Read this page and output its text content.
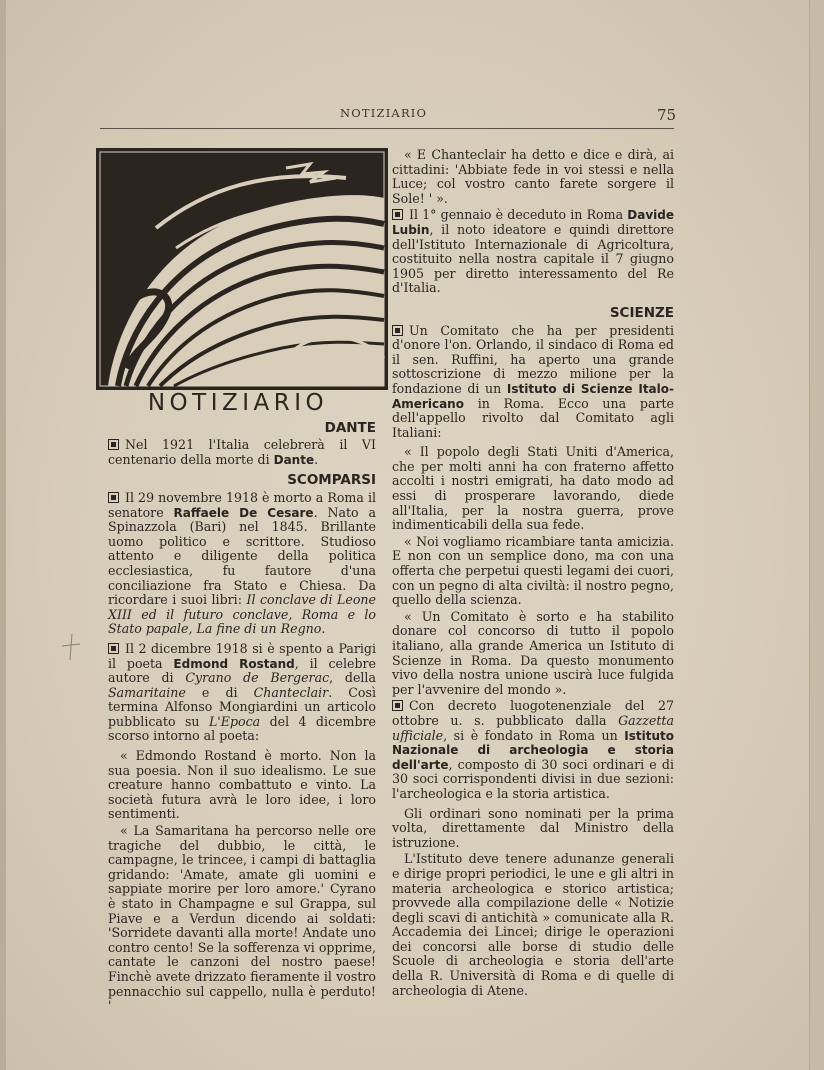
NOTIZIARIO	75
NOTIZIARIO
DANTE

Nel 1921 l'Italia celebrerà il VI centenario della morte di Dante.

SCOMPARSI

Il 29 novembre 1918 è morto a Roma il senatore Raffaele De Cesare. Nato a Spinazzola (Bari) nel 1845. Brillante uomo politico e scrittore. Studioso attento e diligente della politica ecclesiastica, fu fautore d'una conciliazione fra Stato e Chiesa. Da ricordare i suoi libri: Il conclave di Leone XIII ed il futuro conclave, Roma e lo Stato papale, La fine di un Regno.

Il 2 dicembre 1918 si è spento a Parigi il poeta Edmond Rostand, il celebre autore di Cyrano de Bergerac, della Samaritaine e di Chanteclair. Così termina Alfonso Mongiardini un articolo pubblicato su L'Epoca del 4 dicembre scorso intorno al poeta:

« Edmondo Rostand è morto. Non la sua poesia. Non il suo idealismo. Le sue creature hanno combattuto e vinto. La società futura avrà le loro idee, i loro sentimenti.

« La Samaritana ha percorso nelle ore tragiche del dubbio, le città, le campagne, le trincee, i campi di battaglia gridando: 'Amate, amate gli uomini e sappiate morire per loro amore.' Cyrano è stato in Champagne e sul Grappa, sul Piave e a Verdun dicendo ai soldati: 'Sorridete davanti alla morte! Andate uno contro cento! Se la sofferenza vi opprime, cantate le canzoni del nostro paese! Finchè avete drizzato fieramente il vostro pennacchio sul cappello, nulla è perduto! '

« E Chanteclair ha detto e dice e dirà, ai cittadini: 'Abbiate fede in voi stessi e nella Luce; col vostro canto farete sorgere il Sole! ' ».

Il 1° gennaio è deceduto in Roma Davide Lubin, il noto ideatore e quindi direttore dell'Istituto Internazionale di Agricoltura, costituito nella nostra capitale il 7 giugno 1905 per diretto interessamento del Re d'Italia.

SCIENZE

Un Comitato che ha per presidenti d'onore l'on. Orlando, il sindaco di Roma ed il sen. Ruffini, ha aperto una grande sottoscrizione di mezzo milione per la fondazione di un Istituto di Scienze Italo-Americano in Roma. Ecco una parte dell'appello rivolto dal Comitato agli Italiani:

« Il popolo degli Stati Uniti d'America, che per molti anni ha con fraterno affetto accolti i nostri emigrati, ha dato modo ad essi di prosperare lavorando, diede all'Italia, per la nostra guerra, prove indimenticabili della sua fede.

« Noi vogliamo ricambiare tanta amicizia. E non con un semplice dono, ma con una offerta che perpetui questi legami dei cuori, con un pegno di alta civiltà: il nostro pegno, quello della scienza.

« Un Comitato è sorto e ha stabilito donare col concorso di tutto il popolo italiano, alla grande America un Istituto di Scienze in Roma. Da questo monumento vivo della nostra unione uscirà luce fulgida per l'avvenire del mondo ».

Con decreto luogotenenziale del 27 ottobre u. s. pubblicato dalla Gazzetta ufficiale, si è fondato in Roma un Istituto Nazionale di archeologia e storia dell'arte, composto di 30 soci ordinari e di 30 soci corrispondenti divisi in due sezioni: l'archeologica e la storia artistica.

Gli ordinari sono nominati per la prima volta, direttamente dal Ministro della istruzione.

L'Istituto deve tenere adunanze generali e dirige propri periodici, le une e gli altri in materia archeologica e storico artistica; provvede alla compilazione delle « Notizie degli scavi di antichità » comunicate alla R. Accademia dei Lincei; dirige le operazioni dei concorsi alle borse di studio delle Scuole di archeologia e storia dell'arte della R. Università di Roma e di quelle di archeologia di Atene.
